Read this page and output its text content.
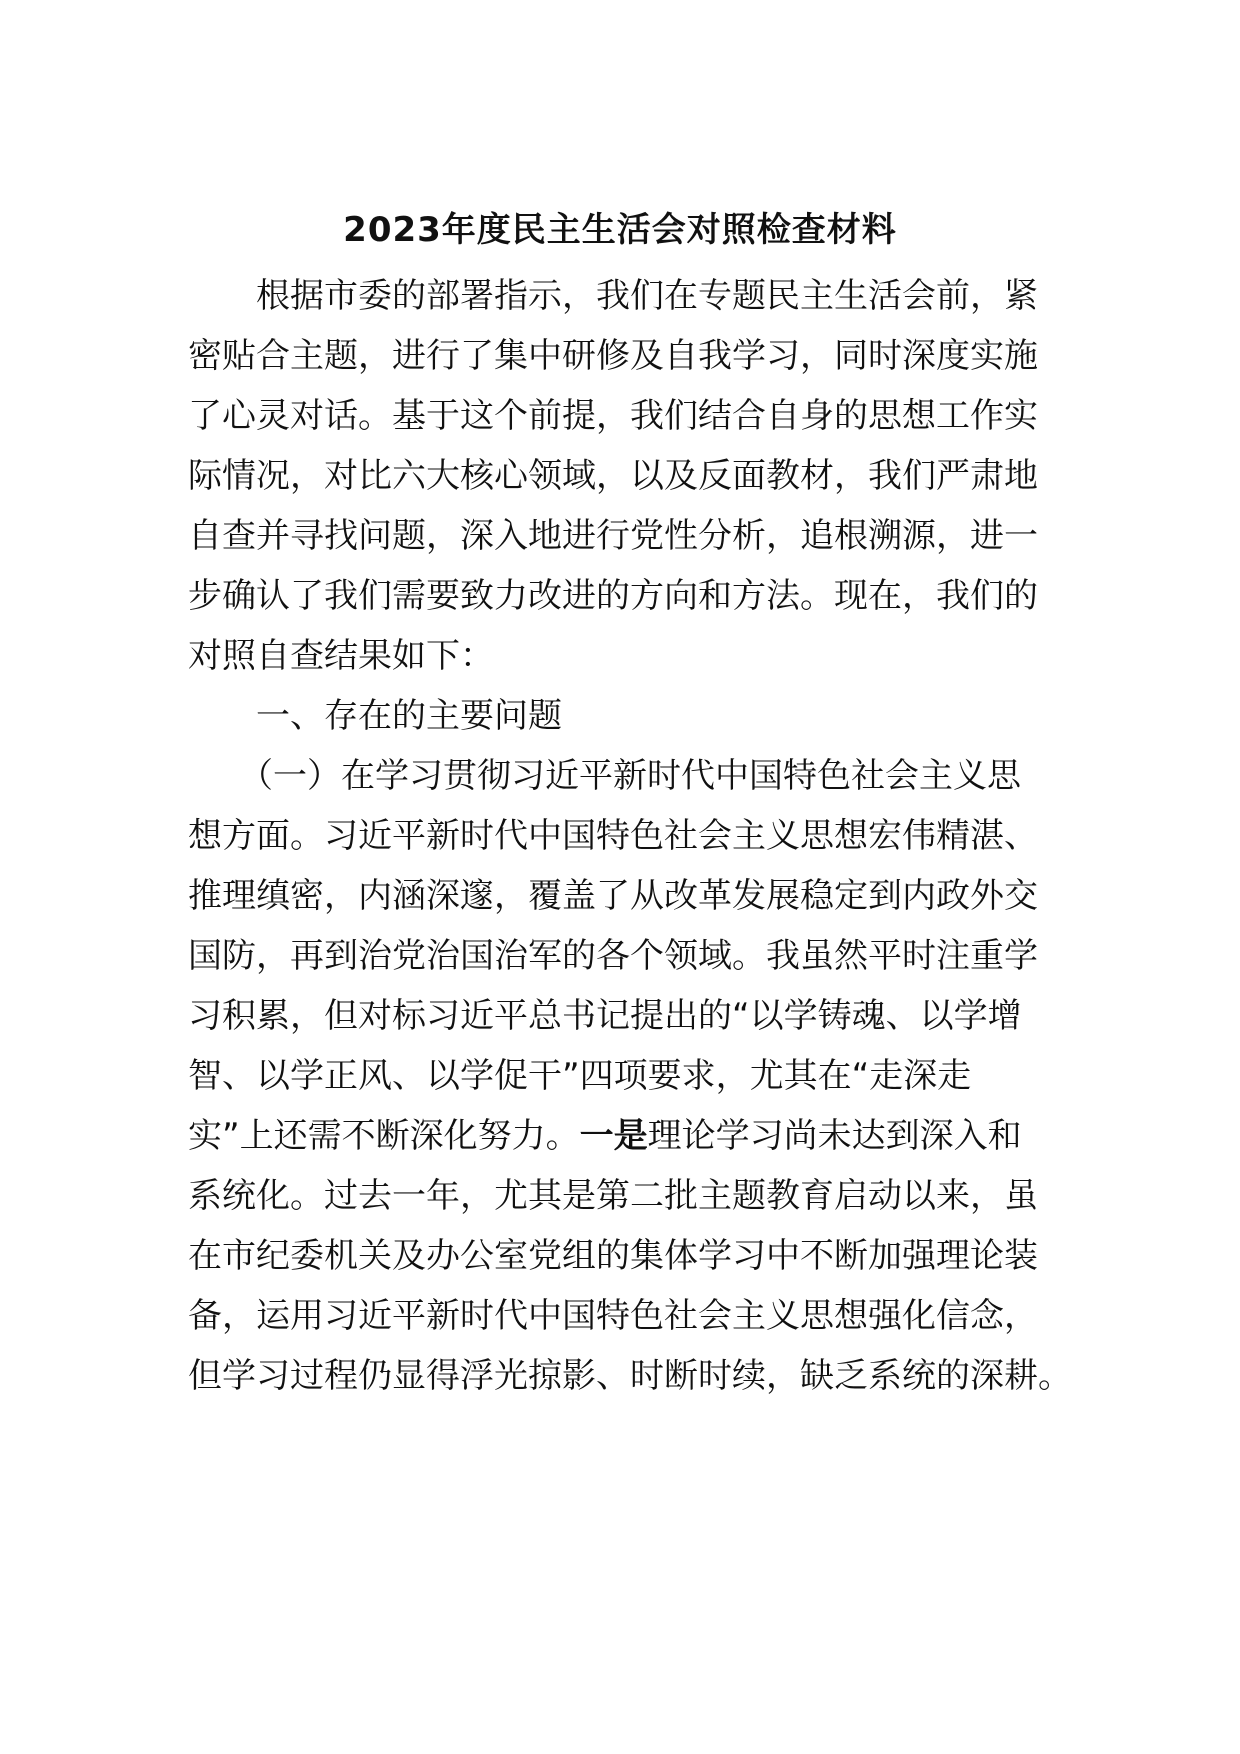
2023年度民主生活会对照检查材料
　　根据市委的部署指示，我们在专题民主生活会前，紧
密贴合主题，进行了集中研修及自我学习，同时深度实施
了心灵对话。基于这个前提，我们结合自身的思想工作实
际情况，对比六大核心领域，以及反面教材，我们严肃地
自查并寻找问题，深入地进行党性分析，追根溯源，进一
步确认了我们需要致力改进的方向和方法。现在，我们的
对照自查结果如下：
　　一、存在的主要问题
　　（一）在学习贯彻习近平新时代中国特色社会主义思
想方面。习近平新时代中国特色社会主义思想宏伟精湛、
推理缜密，内涵深邃，覆盖了从改革发展稳定到内政外交
国防，再到治党治国治军的各个领域。我虽然平时注重学
习积累，但对标习近平总书记提出的“以学铸魂、以学增
智、以学正风、以学促干”四项要求，尤其在“走深走
实”上还需不断深化努力。一是理论学习尚未达到深入和
系统化。过去一年，尤其是第二批主题教育启动以来，虽
在市纪委机关及办公室党组的集体学习中不断加强理论装
备，运用习近平新时代中国特色社会主义思想强化信念，
但学习过程仍显得浮光掠影、时断时续，缺乏系统的深耕。
